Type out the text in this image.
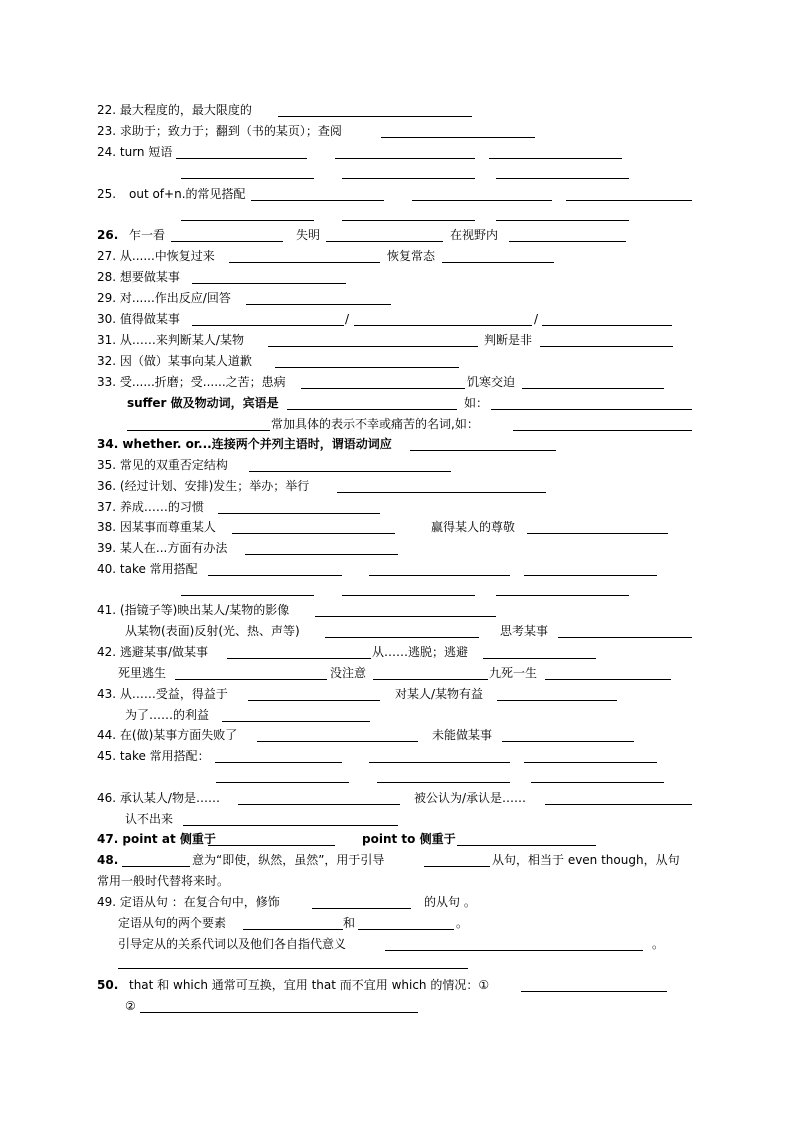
22. 最大程度的，最大限度的
23. 求助于；致力于；翻到（书的某页）；查阅
24. turn 短语
25. out of+n.的常见搭配
26. 乍一看	失明	在视野内
27. 从......中恢复过来	恢复常态
28. 想要做某事
29. 对......作出反应/回答
30. 值得做某事	/	/
31. 从……来判断某人/某物	判断是非
32. 因（做）某事向某人道歉
33. 受......折磨；受......之苦；患病	饥寒交迫
suffer 做及物动词，宾语是	如：
常加具体的表示不幸或痛苦的名词,如：
34. whether. or...连接两个并列主语时，谓语动词应
35. 常见的双重否定结构
36. (经过计划、安排)发生；举办；举行
37. 养成……的习惯
38. 因某事而尊重某人	赢得某人的尊敬
39. 某人在...方面有办法
40. take 常用搭配
41. (指镜子等)映出某人/某物的影像
从某物(表面)反射(光、热、声等)	思考某事
42. 逃避某事/做某事	从……逃脱；逃避
死里逃生	没注意	九死一生
43. 从……受益，得益于	对某人/某物有益
为了……的利益
44. 在(做)某事方面失败了	未能做某事
45. take 常用搭配：
46. 承认某人/物是……	被公认为/承认是……
认不出来
47. point at 侧重于	point to 侧重于
48.	意为“即使，纵然，虽然”，用于引导	从句，相当于 even though，从句
常用一般时代替将来时。
49. 定语从句 ：在复合句中，修饰	的从句 。
定语从句的两个要素	和	。
引导定从的关系代词以及他们各自指代意义	。
50. that 和 which 通常可互换，宜用 that 而不宜用 which 的情况：①
②
